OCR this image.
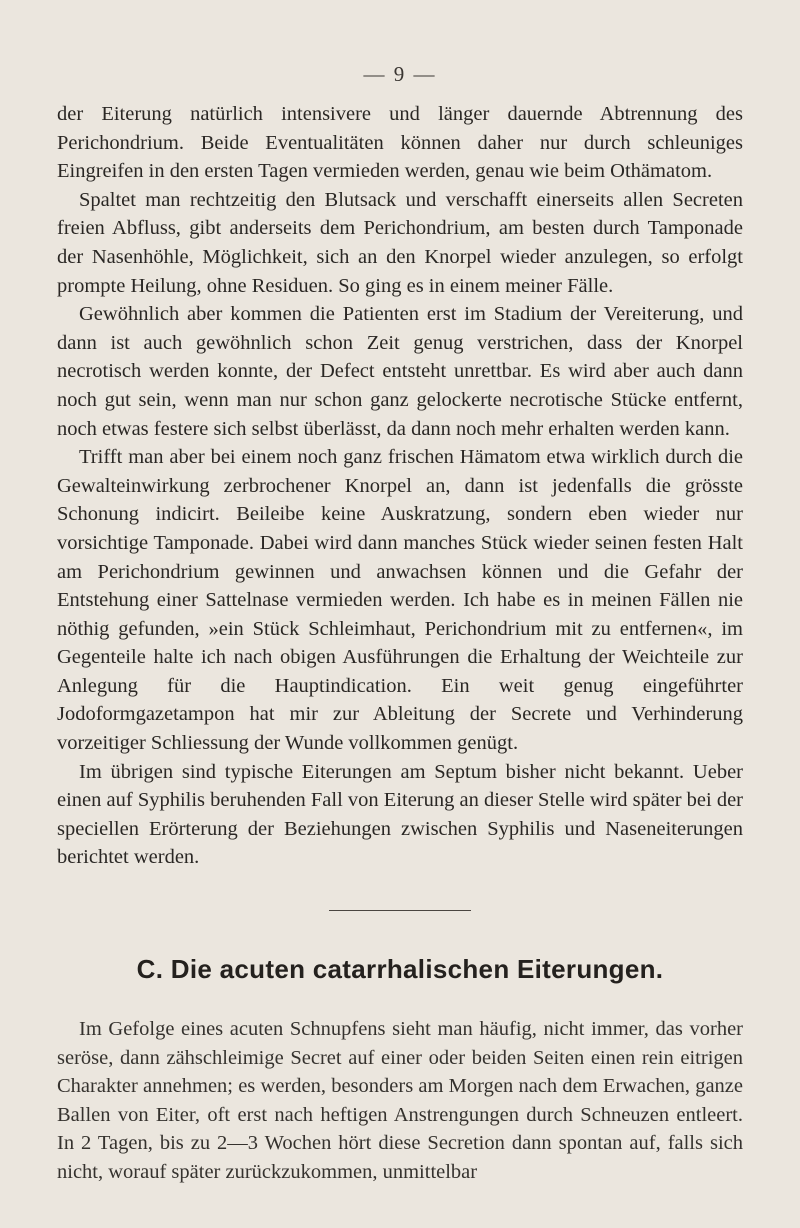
— 9 —

der Eiterung natürlich intensivere und länger dauernde Abtrennung des Perichondrium. Beide Eventualitäten können daher nur durch schleuniges Eingreifen in den ersten Tagen vermieden werden, genau wie beim Othämatom.

Spaltet man rechtzeitig den Blutsack und verschafft einerseits allen Secreten freien Abfluss, gibt anderseits dem Perichondrium, am besten durch Tamponade der Nasenhöhle, Möglichkeit, sich an den Knorpel wieder anzulegen, so erfolgt prompte Heilung, ohne Residuen. So ging es in einem meiner Fälle.

Gewöhnlich aber kommen die Patienten erst im Stadium der Vereiterung, und dann ist auch gewöhnlich schon Zeit genug verstrichen, dass der Knorpel necrotisch werden konnte, der Defect entsteht unrettbar. Es wird aber auch dann noch gut sein, wenn man nur schon ganz gelockerte necrotische Stücke entfernt, noch etwas festere sich selbst überlässt, da dann noch mehr erhalten werden kann.

Trifft man aber bei einem noch ganz frischen Hämatom etwa wirklich durch die Gewalteinwirkung zerbrochener Knorpel an, dann ist jedenfalls die grösste Schonung indicirt. Beileibe keine Auskratzung, sondern eben wieder nur vorsichtige Tamponade. Dabei wird dann manches Stück wieder seinen festen Halt am Perichondrium gewinnen und anwachsen können und die Gefahr der Entstehung einer Sattelnase vermieden werden. Ich habe es in meinen Fällen nie nöthig gefunden, »ein Stück Schleimhaut, Perichondrium mit zu entfernen«, im Gegenteile halte ich nach obigen Ausführungen die Erhaltung der Weichteile zur Anlegung für die Hauptindication. Ein weit genug eingeführter Jodoformgazetampon hat mir zur Ableitung der Secrete und Verhinderung vorzeitiger Schliessung der Wunde vollkommen genügt.

Im übrigen sind typische Eiterungen am Septum bisher nicht bekannt. Ueber einen auf Syphilis beruhenden Fall von Eiterung an dieser Stelle wird später bei der speciellen Erörterung der Beziehungen zwischen Syphilis und Naseneiterungen berichtet werden.

C. Die acuten catarrhalischen Eiterungen.

Im Gefolge eines acuten Schnupfens sieht man häufig, nicht immer, das vorher seröse, dann zähschleimige Secret auf einer oder beiden Seiten einen rein eitrigen Charakter annehmen; es werden, besonders am Morgen nach dem Erwachen, ganze Ballen von Eiter, oft erst nach heftigen Anstrengungen durch Schneuzen entleert. In 2 Tagen, bis zu 2—3 Wochen hört diese Secretion dann spontan auf, falls sich nicht, worauf später zurückzukommen, unmittelbar
